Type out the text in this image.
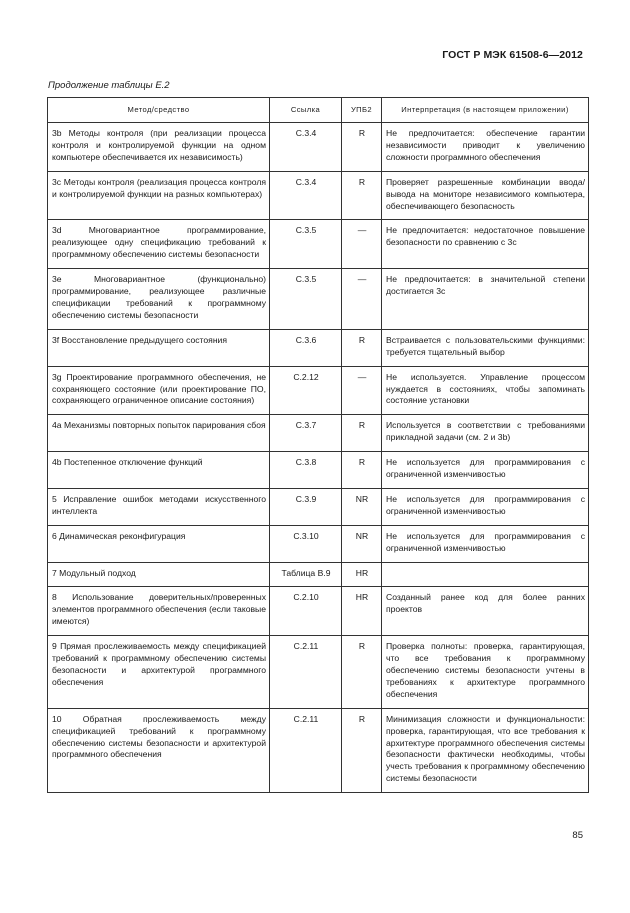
ГОСТ Р МЭК 61508-6—2012
Продолжение таблицы E.2
Метод/средство	Ссылка	УПБ2	Интерпретация (в настоящем приложении)
3b Методы контроля (при реализации процесса контроля и контролируемой функции на одном компьютере обеспечивается их независимость)	C.3.4	R	Не предпочитается: обеспечение гарантии независимости приводит к увеличению сложности программного обеспечения
3c Методы контроля (реализация процесса контроля и контролируемой функции на разных компьютерах)	C.3.4	R	Проверяет разрешенные комбинации ввода/вывода на мониторе независимого компьютера, обеспечивающего безопасность
3d Многовариантное программирование, реализующее одну спецификацию требований к программному обеспечению системы безопасности	C.3.5	—	Не предпочитается: недостаточное повышение безопасности по сравнению с 3c
3e Многовариантное (функционально) программирование, реализующее различные спецификации требований к программному обеспечению системы безопасности	C.3.5	—	Не предпочитается: в значительной степени достигается 3c
3f Восстановление предыдущего состояния	C.3.6	R	Встраивается с пользовательскими функциями: требуется тщательный выбор
3g Проектирование программного обеспечения, не сохраняющего состояние (или проектирование ПО, сохраняющего ограниченное описание состояния)	C.2.12	—	Не используется. Управление процессом нуждается в состояниях, чтобы запоминать состояние установки
4a Механизмы повторных попыток парирования сбоя	C.3.7	R	Используется в соответствии с требованиями прикладной задачи (см. 2 и 3b)
4b Постепенное отключение функций	C.3.8	R	Не используется для программирования с ограниченной изменчивостью
5 Исправление ошибок методами искусственного интеллекта	C.3.9	NR	Не используется для программирования с ограниченной изменчивостью
6 Динамическая реконфигурация	C.3.10	NR	Не используется для программирования с ограниченной изменчивостью
7 Модульный подход	Таблица В.9	HR	
8 Использование доверительных/проверенных элементов программного обеспечения (если таковые имеются)	C.2.10	HR	Созданный ранее код для более ранних проектов
9 Прямая прослеживаемость между спецификацией требований к программному обеспечению системы безопасности и архитектурой программного обеспечения	C.2.11	R	Проверка полноты: проверка, гарантирующая, что все требования к программному обеспечению системы безопасности учтены в требованиях к архитектуре программного обеспечения
10 Обратная прослеживаемость между спецификацией требований к программному обеспечению системы безопасности и архитектурой программного обеспечения	C.2.11	R	Минимизация сложности и функциональности: проверка, гарантирующая, что все требования к архитектуре программного обеспечения системы безопасности фактически необходимы, чтобы учесть требования к программному обеспечению системы безопасности
85
